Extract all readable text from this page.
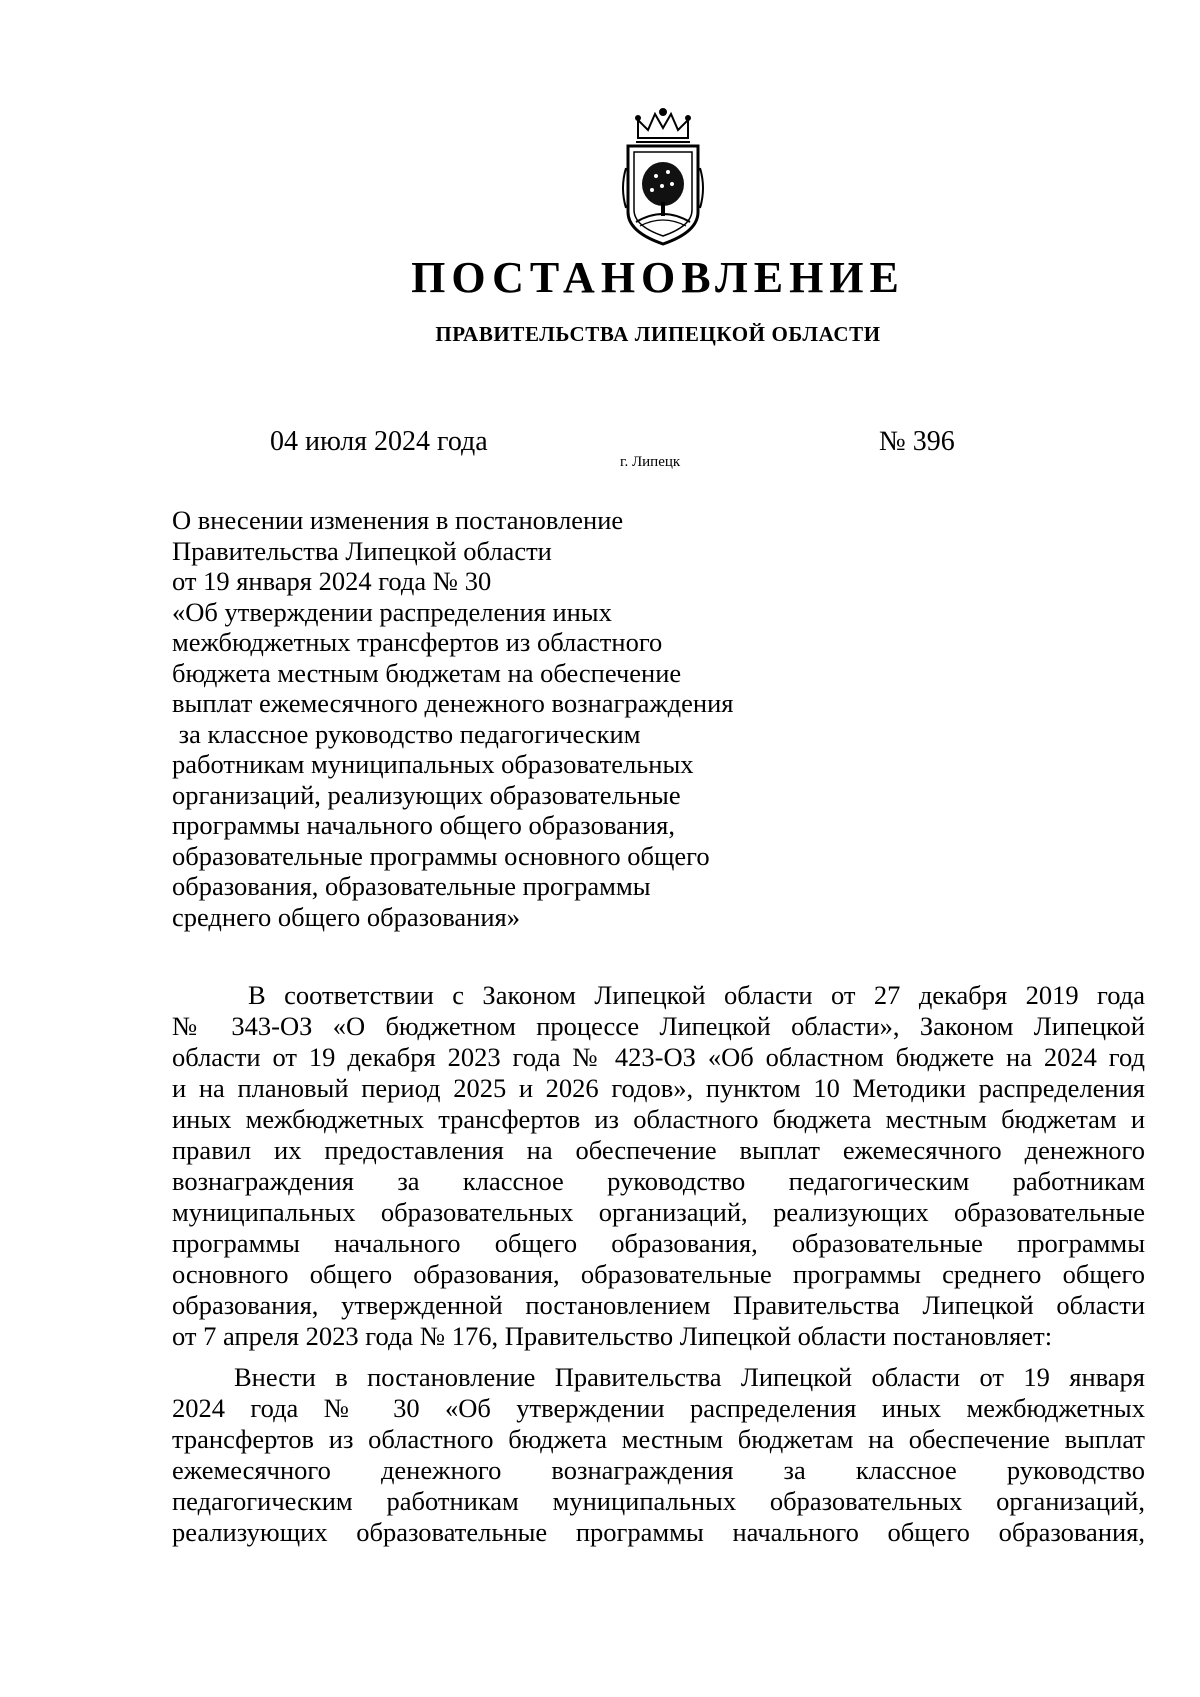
ПОСТАНОВЛЕНИЕ
ПРАВИТЕЛЬСТВА ЛИПЕЦКОЙ ОБЛАСТИ
04 июля 2024 года
г. Липецк
№ 396
О внесении изменения в постановление
Правительства Липецкой области
от 19 января 2024 года № 30
«Об утверждении распределения иных
межбюджетных трансфертов из областного
бюджета местным бюджетам на обеспечение
выплат ежемесячного денежного вознаграждения
за классное руководство педагогическим
работникам муниципальных образовательных
организаций, реализующих образовательные
программы начального общего образования,
образовательные программы основного общего
образования, образовательные программы
среднего общего образования»
В соответствии с Законом Липецкой области от 27 декабря 2019 года
№ 343-ОЗ «О бюджетном процессе Липецкой области», Законом Липецкой
области от 19 декабря 2023 года № 423-ОЗ «Об областном бюджете на 2024 год
и на плановый период 2025 и 2026 годов», пунктом 10 Методики распределения
иных межбюджетных трансфертов из областного бюджета местным бюджетам и
правил их предоставления на обеспечение выплат ежемесячного денежного
вознаграждения за классное руководство педагогическим работникам
муниципальных образовательных организаций, реализующих образовательные
программы начального общего образования, образовательные программы
основного общего образования, образовательные программы среднего общего
образования, утвержденной постановлением Правительства Липецкой области
от 7 апреля 2023 года № 176, Правительство Липецкой области постановляет:
Внести в постановление Правительства Липецкой области от 19 января
2024 года № 30 «Об утверждении распределения иных межбюджетных
трансфертов из областного бюджета местным бюджетам на обеспечение выплат
ежемесячного денежного вознаграждения за классное руководство
педагогическим работникам муниципальных образовательных организаций,
реализующих образовательные программы начального общего образования,
